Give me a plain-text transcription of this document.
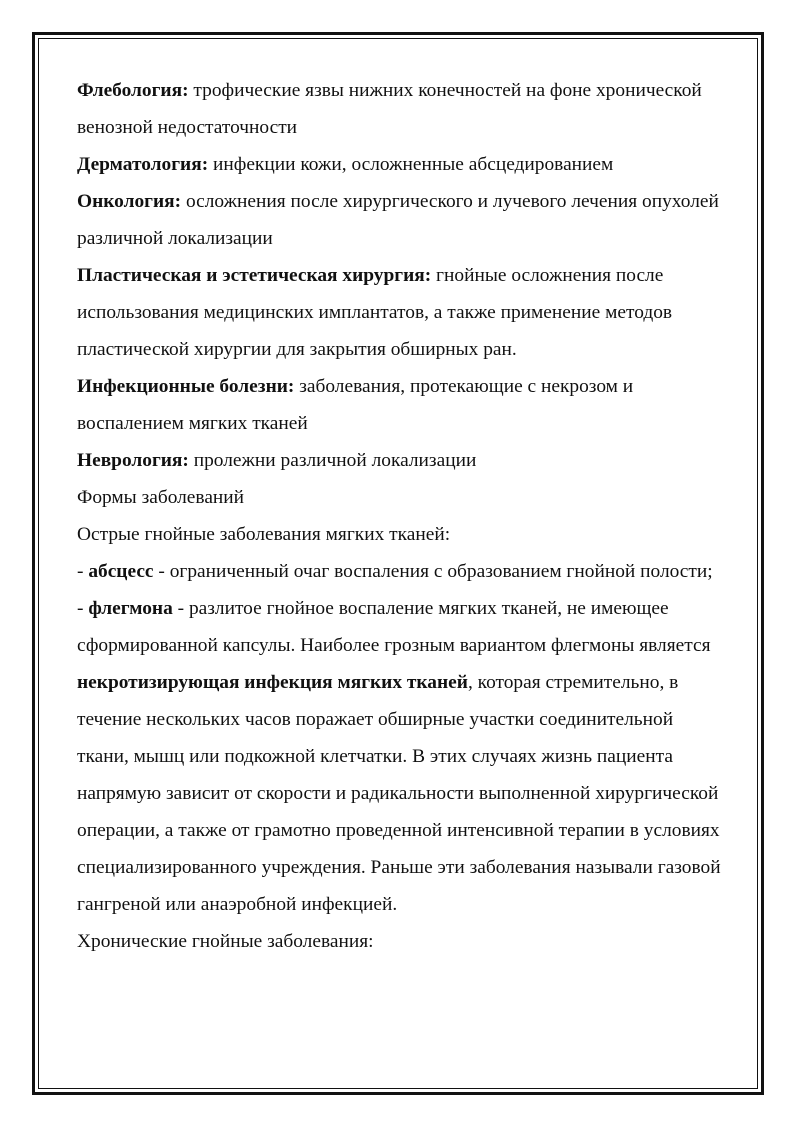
Флебология: трофические язвы нижних конечностей на фоне хронической венозной недостаточности

Дерматология: инфекции кожи, осложненные абсцедированием

Онкология: осложнения после хирургического и лучевого лечения опухолей различной локализации

Пластическая и эстетическая хирургия: гнойные осложнения после использования медицинских имплантатов, а также применение методов пластической хирургии для закрытия обширных ран.

Инфекционные болезни: заболевания, протекающие с некрозом и воспалением мягких тканей

Неврология: пролежни различной локализации

Формы заболеваний

Острые гнойные заболевания мягких тканей:

- абсцесс - ограниченный очаг воспаления с образованием гнойной полости;

- флегмона - разлитое гнойное воспаление мягких тканей, не имеющее сформированной капсулы. Наиболее грозным вариантом флегмоны является некротизирующая инфекция мягких тканей, которая стремительно, в течение нескольких часов поражает обширные участки соединительной ткани, мышц или подкожной клетчатки. В этих случаях жизнь пациента напрямую зависит от скорости и радикальности выполненной хирургической операции, а также от грамотно проведенной интенсивной терапии в условиях специализированного учреждения. Раньше эти заболевания называли газовой гангреной или анаэробной инфекцией.

Хронические гнойные заболевания:
